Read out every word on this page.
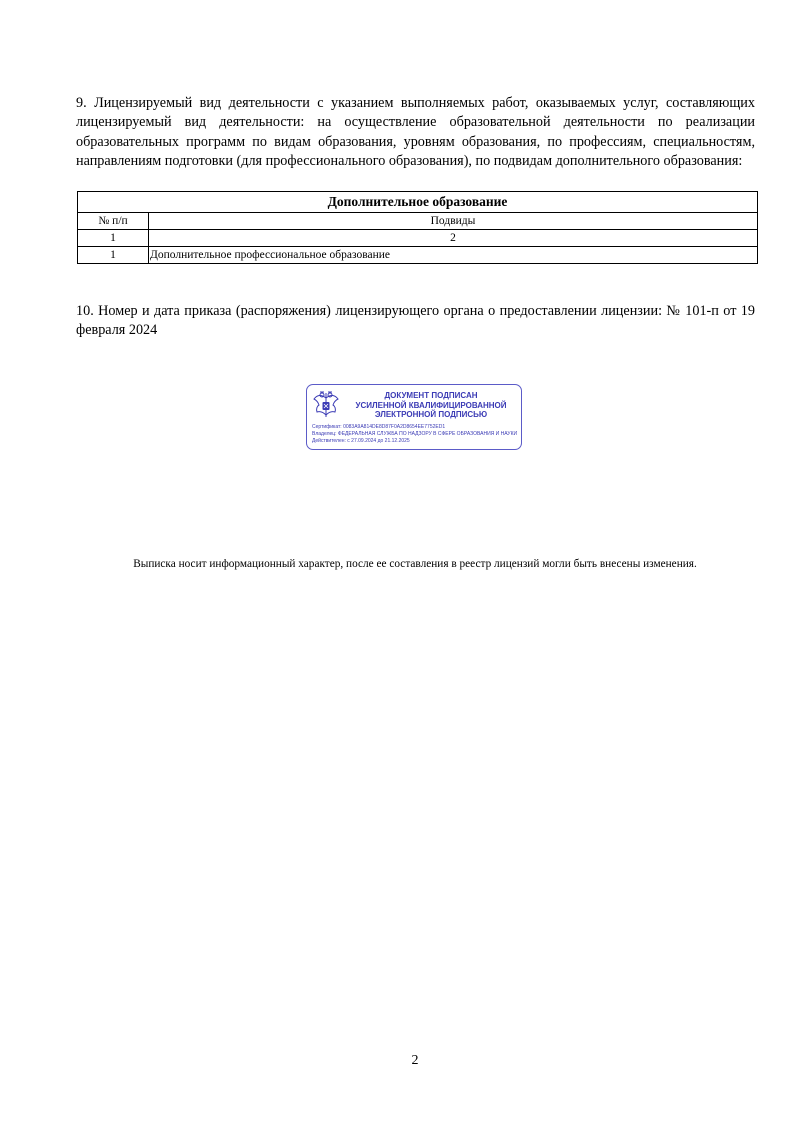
9. Лицензируемый вид деятельности с указанием выполняемых работ, оказываемых услуг, составляющих лицензируемый вид деятельности: на осуществление образовательной деятельности по реализации образовательных программ по видам образования, уровням образования, по профессиям, специальностям, направлениям подготовки (для профессионального образования), по подвидам дополнительного образования:

Дополнительное образование	
№ п/п	Подвиды
1	2
1	Дополнительное профессиональное образование

10. Номер и дата приказа (распоряжения) лицензирующего органа о предоставлении лицензии: № 101-п от 19 февраля 2024

ДОКУМЕНТ ПОДПИСАН
УСИЛЕННОЙ КВАЛИФИЦИРОВАННОЙ
ЭЛЕКТРОННОЙ ПОДПИСЬЮ
Сертификат: 0083A9A814DE8D87F0A2D8654EE7752ED1
Владелец: ФЕДЕРАЛЬНАЯ СЛУЖБА ПО НАДЗОРУ В СФЕРЕ ОБРАЗОВАНИЯ И НАУКИ
Действителен: с 27.09.2024 до 21.12.2025

Выписка носит информационный характер, после ее составления в реестр лицензий могли быть внесены изменения.

2
